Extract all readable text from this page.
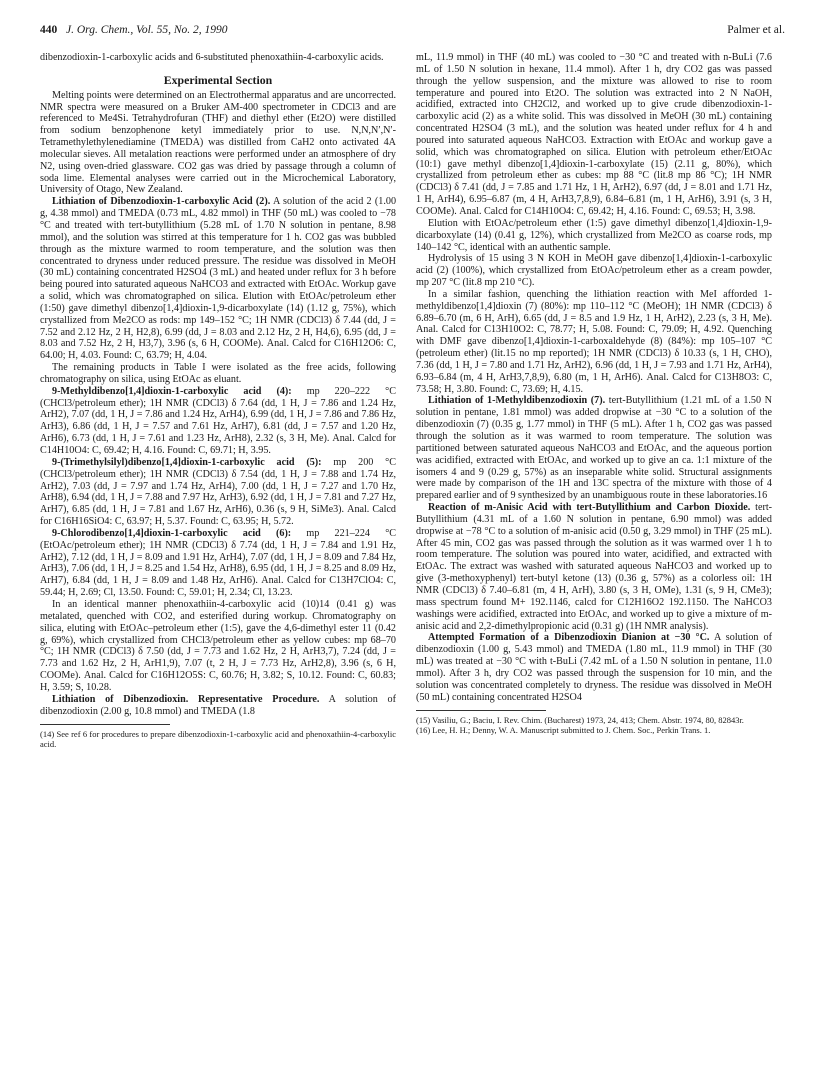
440 J. Org. Chem., Vol. 55, No. 2, 1990	Palmer et al.

dibenzodioxin-1-carboxylic acids and 6-substituted phenoxathiin-4-carboxylic acids.

Experimental Section

Melting points were determined on an Electrothermal apparatus and are uncorrected. NMR spectra were measured on a Bruker AM-400 spectrometer in CDCl3 and are referenced to Me4Si. Tetrahydrofuran (THF) and diethyl ether (Et2O) were distilled from sodium benzophenone ketyl immediately prior to use. N,N,N′,N′-Tetramethylethylenediamine (TMEDA) was distilled from CaH2 onto activated 4A molecular sieves. All metalation reactions were performed under an atmosphere of dry N2, using oven-dried glassware. CO2 gas was dried by passage through a column of soda lime. Elemental analyses were carried out in the Microchemical Laboratory, University of Otago, New Zealand.

Lithiation of Dibenzodioxin-1-carboxylic Acid (2). A solution of the acid 2 (1.00 g, 4.38 mmol) and TMEDA (0.73 mL, 4.82 mmol) in THF (50 mL) was cooled to −78 °C and treated with tert-butyllithium (5.28 mL of 1.70 N solution in pentane, 8.98 mmol), and the solution was stirred at this temperature for 1 h. CO2 gas was bubbled through as the mixture warmed to room temperature, and the solution was then concentrated to dryness under reduced pressure. The residue was dissolved in MeOH (30 mL) containing concentrated H2SO4 (3 mL) and heated under reflux for 3 h before being poured into saturated aqueous NaHCO3 and extracted with EtOAc. Workup gave a solid, which was chromatographed on silica. Elution with EtOAc/petroleum ether (1:50) gave dimethyl dibenzo[1,4]dioxin-1,9-dicarboxylate (14) (1.12 g, 75%), which crystallized from Me2CO as rods: mp 149–152 °C; 1H NMR (CDCl3) δ 7.44 (dd, J = 7.52 and 2.12 Hz, 2 H, H2,8), 6.99 (dd, J = 8.03 and 2.12 Hz, 2 H, H4,6), 6.95 (dd, J = 8.03 and 7.52 Hz, 2 H, H3,7), 3.96 (s, 6 H, COOMe). Anal. Calcd for C16H12O6: C, 64.00; H, 4.03. Found: C, 63.79; H, 4.04.

The remaining products in Table I were isolated as the free acids, following chromatography on silica, using EtOAc as eluant.

9-Methyldibenzo[1,4]dioxin-1-carboxylic acid (4): mp 220–222 °C (CHCl3/petroleum ether); 1H NMR (CDCl3) δ 7.64 (dd, 1 H, J = 7.86 and 1.24 Hz, ArH2), 7.07 (dd, 1 H, J = 7.86 and 1.24 Hz, ArH4), 6.99 (dd, 1 H, J = 7.86 and 7.86 Hz, ArH3), 6.86 (dd, 1 H, J = 7.57 and 7.61 Hz, ArH7), 6.81 (dd, J = 7.57 and 1.20 Hz, ArH6), 6.73 (dd, 1 H, J = 7.61 and 1.23 Hz, ArH8), 2.32 (s, 3 H, Me). Anal. Calcd for C14H10O4: C, 69.42; H, 4.16. Found: C, 69.71; H, 3.95.

9-(Trimethylsilyl)dibenzo[1,4]dioxin-1-carboxylic acid (5): mp 200 °C (CHCl3/petroleum ether); 1H NMR (CDCl3) δ 7.54 (dd, 1 H, J = 7.88 and 1.74 Hz, ArH2), 7.03 (dd, J = 7.97 and 1.74 Hz, ArH4), 7.00 (dd, 1 H, J = 7.27 and 1.70 Hz, ArH8), 6.94 (dd, 1 H, J = 7.88 and 7.97 Hz, ArH3), 6.92 (dd, 1 H, J = 7.81 and 7.27 Hz, ArH7), 6.85 (dd, 1 H, J = 7.81 and 1.67 Hz, ArH6), 0.36 (s, 9 H, SiMe3). Anal. Calcd for C16H16SiO4: C, 63.97; H, 5.37. Found: C, 63.95; H, 5.72.

9-Chlorodibenzo[1,4]dioxin-1-carboxylic acid (6): mp 221–224 °C (EtOAc/petroleum ether); 1H NMR (CDCl3) δ 7.74 (dd, 1 H, J = 7.84 and 1.91 Hz, ArH2), 7.12 (dd, 1 H, J = 8.09 and 1.91 Hz, ArH4), 7.07 (dd, 1 H, J = 8.09 and 7.84 Hz, ArH3), 7.06 (dd, 1 H, J = 8.25 and 1.54 Hz, ArH8), 6.95 (dd, 1 H, J = 8.25 and 8.09 Hz, ArH7), 6.84 (dd, 1 H, J = 8.09 and 1.48 Hz, ArH6). Anal. Calcd for C13H7ClO4: C, 59.44; H, 2.69; Cl, 13.50. Found: C, 59.01; H, 2.34; Cl, 13.23.

In an identical manner phenoxathiin-4-carboxylic acid (10)14 (0.41 g) was metalated, quenched with CO2, and esterified during workup. Chromatography on silica, eluting with EtOAc–petroleum ether (1:5), gave the 4,6-dimethyl ester 11 (0.42 g, 69%), which crystallized from CHCl3/petroleum ether as yellow cubes: mp 68–70 °C; 1H NMR (CDCl3) δ 7.50 (dd, J = 7.73 and 1.62 Hz, 2 H, ArH3,7), 7.24 (dd, J = 7.73 and 1.62 Hz, 2 H, ArH1,9), 7.07 (t, 2 H, J = 7.73 Hz, ArH2,8), 3.96 (s, 6 H, COOMe). Anal. Calcd for C16H12O5S: C, 60.76; H, 3.82; S, 10.12. Found: C, 60.83; H, 3.59; S, 10.28.

Lithiation of Dibenzodioxin. Representative Procedure. A solution of dibenzodioxin (2.00 g, 10.8 mmol) and TMEDA (1.8

(14) See ref 6 for procedures to prepare dibenzodioxin-1-carboxylic acid and phenoxathiin-4-carboxylic acid.

mL, 11.9 mmol) in THF (40 mL) was cooled to −30 °C and treated with n-BuLi (7.6 mL of 1.50 N solution in hexane, 11.4 mmol). After 1 h, dry CO2 gas was passed through the yellow suspension, and the mixture was allowed to rise to room temperature and poured into Et2O. The solution was extracted into 2 N NaOH, acidified, extracted into CH2Cl2, and worked up to give crude dibenzodioxin-1-carboxylic acid (2) as a white solid. This was dissolved in MeOH (30 mL) containing concentrated H2SO4 (3 mL), and the solution was heated under reflux for 4 h and poured into saturated aqueous NaHCO3. Extraction with EtOAc and workup gave a solid, which was chromatographed on silica. Elution with petroleum ether/EtOAc (10:1) gave methyl dibenzo[1,4]dioxin-1-carboxylate (15) (2.11 g, 80%), which crystallized from petroleum ether as cubes: mp 88 °C (lit.8 mp 86 °C); 1H NMR (CDCl3) δ 7.41 (dd, J = 7.85 and 1.71 Hz, 1 H, ArH2), 6.97 (dd, J = 8.01 and 1.71 Hz, 1 H, ArH4), 6.95–6.87 (m, 4 H, ArH3,7,8,9), 6.84–6.81 (m, 1 H, ArH6), 3.91 (s, 3 H, COOMe). Anal. Calcd for C14H10O4: C, 69.42; H, 4.16. Found: C, 69.53; H, 3.98.

Elution with EtOAc/petroleum ether (1:5) gave dimethyl dibenzo[1,4]dioxin-1,9-dicarboxylate (14) (0.41 g, 12%), which crystallized from Me2CO as coarse rods, mp 140–142 °C, identical with an authentic sample.

Hydrolysis of 15 using 3 N KOH in MeOH gave dibenzo[1,4]dioxin-1-carboxylic acid (2) (100%), which crystallized from EtOAc/petroleum ether as a cream powder, mp 207 °C (lit.8 mp 210 °C).

In a similar fashion, quenching the lithiation reaction with MeI afforded 1-methyldibenzo[1,4]dioxin (7) (80%): mp 110–112 °C (MeOH); 1H NMR (CDCl3) δ 6.89–6.70 (m, 6 H, ArH), 6.65 (dd, J = 8.5 and 1.9 Hz, 1 H, ArH2), 2.23 (s, 3 H, Me). Anal. Calcd for C13H10O2: C, 78.77; H, 5.08. Found: C, 79.09; H, 4.92. Quenching with DMF gave dibenzo[1,4]dioxin-1-carboxaldehyde (8) (84%): mp 105–107 °C (petroleum ether) (lit.15 no mp reported); 1H NMR (CDCl3) δ 10.33 (s, 1 H, CHO), 7.36 (dd, 1 H, J = 7.80 and 1.71 Hz, ArH2), 6.96 (dd, 1 H, J = 7.93 and 1.71 Hz, ArH4), 6.93–6.84 (m, 4 H, ArH3,7,8,9), 6.80 (m, 1 H, ArH6). Anal. Calcd for C13H8O3: C, 73.58; H, 3.80. Found: C, 73.69; H, 4.15.

Lithiation of 1-Methyldibenzodioxin (7). tert-Butyllithium (1.21 mL of a 1.50 N solution in pentane, 1.81 mmol) was added dropwise at −30 °C to a solution of the dibenzodioxin (7) (0.35 g, 1.77 mmol) in THF (5 mL). After 1 h, CO2 gas was passed through the solution as it was warmed to room temperature. The solution was partitioned between saturated aqueous NaHCO3 and EtOAc, and the aqueous portion was acidified, extracted with EtOAc, and worked up to give an ca. 1:1 mixture of the isomers 4 and 9 (0.29 g, 57%) as an inseparable white solid. Structural assignments were made by comparison of the 1H and 13C spectra of the mixture with those of 4 prepared earlier and of 9 synthesized by an unambiguous route in these laboratories.16

Reaction of m-Anisic Acid with tert-Butyllithium and Carbon Dioxide. tert-Butyllithium (4.31 mL of a 1.60 N solution in pentane, 6.90 mmol) was added dropwise at −78 °C to a solution of m-anisic acid (0.50 g, 3.29 mmol) in THF (25 mL). After 45 min, CO2 gas was passed through the solution as it was warmed over 1 h to room temperature. The solution was poured into water, acidified, and extracted with EtOAc. The extract was washed with saturated aqueous NaHCO3 and worked up to give (3-methoxyphenyl) tert-butyl ketone (13) (0.36 g, 57%) as a colorless oil: 1H NMR (CDCl3) δ 7.40–6.81 (m, 4 H, ArH), 3.80 (s, 3 H, OMe), 1.31 (s, 9 H, CMe3); mass spectrum found M+ 192.1146, calcd for C12H16O2 192.1150. The NaHCO3 washings were acidified, extracted into EtOAc, and worked up to give a mixture of m-anisic acid and 2,2-dimethylpropionic acid (0.31 g) (1H NMR analysis).

Attempted Formation of a Dibenzodioxin Dianion at −30 °C. A solution of dibenzodioxin (1.00 g, 5.43 mmol) and TMEDA (1.80 mL, 11.9 mmol) in THF (30 mL) was treated at −30 °C with t-BuLi (7.42 mL of a 1.50 N solution in pentane, 11.0 mmol). After 3 h, dry CO2 was passed through the suspension for 10 min, and the solution was concentrated completely to dryness. The residue was dissolved in MeOH (50 mL) containing concentrated H2SO4

(15) Vasiliu, G.; Baciu, I. Rev. Chim. (Bucharest) 1973, 24, 413; Chem. Abstr. 1974, 80, 82843r.

(16) Lee, H. H.; Denny, W. A. Manuscript submitted to J. Chem. Soc., Perkin Trans. 1.
